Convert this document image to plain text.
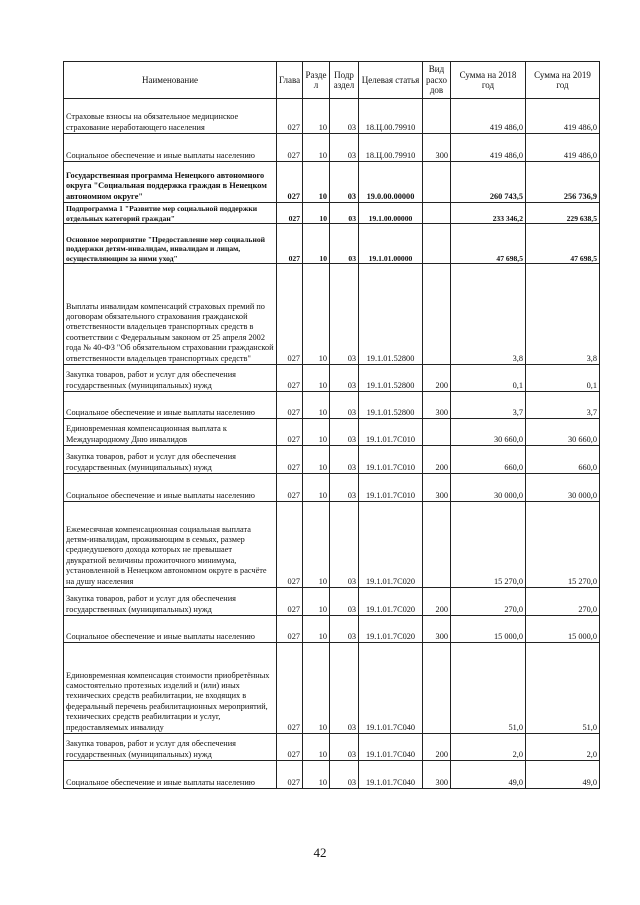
Наименование	Глава	Разде л	Подр аздел	Целевая статья	Вид расхо дов	Сумма на 2018 год	Сумма на 2019 год
Страховые взносы на обязательное медицинское страхование неработающего населения	027	10	03	18.Ц.00.79910		419 486,0	419 486,0
Социальное обеспечение и иные выплаты населению	027	10	03	18.Ц.00.79910	300	419 486,0	419 486,0
Государственная программа Ненецкого автономного округа "Социальная поддержка граждан в Ненецком автономном округе"	027	10	03	19.0.00.00000		260 743,5	256 736,9
Подпрограмма 1 "Развитие мер социальной поддержки отдельных категорий граждан"	027	10	03	19.1.00.00000		233 346,2	229 638,5
Основное мероприятие "Предоставление мер социальной поддержки детям-инвалидам, инвалидам и лицам, осуществляющим за ними уход"	027	10	03	19.1.01.00000		47 698,5	47 698,5
Выплаты инвалидам компенсаций страховых премий по договорам обязательного страхования гражданской ответственности владельцев транспортных средств в соответствии с Федеральным законом от 25 апреля 2002 года № 40-ФЗ "Об обязательном страховании гражданской ответственности владельцев транспортных средств"	027	10	03	19.1.01.52800		3,8	3,8
Закупка товаров, работ и услуг для обеспечения государственных (муниципальных) нужд	027	10	03	19.1.01.52800	200	0,1	0,1
Социальное обеспечение и иные выплаты населению	027	10	03	19.1.01.52800	300	3,7	3,7
Единовременная компенсационная выплата к Международному Дню инвалидов	027	10	03	19.1.01.7С010		30 660,0	30 660,0
Закупка товаров, работ и услуг для обеспечения государственных (муниципальных) нужд	027	10	03	19.1.01.7С010	200	660,0	660,0
Социальное обеспечение и иные выплаты населению	027	10	03	19.1.01.7С010	300	30 000,0	30 000,0
Ежемесячная компенсационная социальная выплата детям-инвалидам, проживающим в семьях, размер среднедушевого дохода которых не превышает двукратной величины прожиточного минимума, установленной в Ненецком автономном округе в расчёте на душу населения	027	10	03	19.1.01.7С020		15 270,0	15 270,0
Закупка товаров, работ и услуг для обеспечения государственных (муниципальных) нужд	027	10	03	19.1.01.7С020	200	270,0	270,0
Социальное обеспечение и иные выплаты населению	027	10	03	19.1.01.7С020	300	15 000,0	15 000,0
Единовременная компенсация стоимости приобретённых самостоятельно протезных изделий и (или) иных технических средств реабилитации, не входящих в федеральный перечень реабилитационных мероприятий, технических средств реабилитации и услуг, предоставляемых инвалиду	027	10	03	19.1.01.7С040		51,0	51,0
Закупка товаров, работ и услуг для обеспечения государственных (муниципальных) нужд	027	10	03	19.1.01.7С040	200	2,0	2,0
Социальное обеспечение и иные выплаты населению	027	10	03	19.1.01.7С040	300	49,0	49,0
42
